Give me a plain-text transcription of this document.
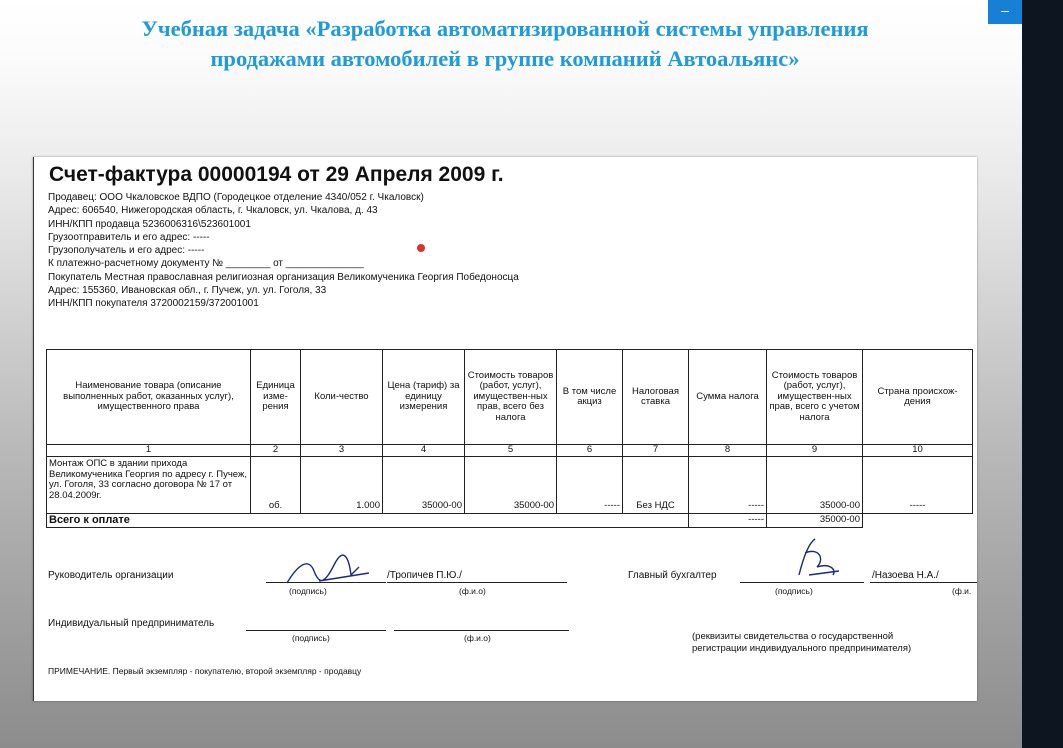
Учебная задача «Разработка автоматизированной системы управления
продажами автомобилей в группе компаний Автоальянс»
–
Счет-фактура 00000194 от 29 Апреля 2009 г.
Продавец: ООО Чкаловское ВДПО (Городецкое отделение 4340/052 г. Чкаловск)
Адрес: 606540, Нижегородская область, г. Чкаловск, ул. Чкалова, д. 43
ИНН/КПП продавца 5236006316\523601001
Грузоотправитель и его адрес: -----
Грузополучатель и его адрес: -----
К платежно-расчетному документу № ________ от ______________
Покупатель Местная православная религиозная организация Великомученика Георгия Победоносца
Адрес: 155360, Ивановская обл., г. Пучеж, ул. ул. Гоголя, 33
ИНН/КПП покупателя 3720002159/372001001
Наименование товара (описание выполненных работ, оказанных услуг), имущественного права	Единица изме-рения	Коли-чество	Цена (тариф) за единицу измерения	Стоимость товаров (работ, услуг), имуществен-ных прав, всего без налога	В том числе акциз	Налоговая ставка	Сумма налога	Стоимость товаров (работ, услуг), имуществен-ных прав, всего с учетом налога	Страна происхож-дения
1	2	3	4	5	6	7	8	9	10
Монтаж ОПС в здании прихода Великомученика Георгия по адресу г. Пучеж, ул. Гоголя, 33 согласно договора № 17 от 28.04.2009г.	об.	1.000	35000-00	35000-00	-----	Без НДС	-----	35000-00	-----
Всего к оплате							-----	35000-00	
Руководитель организации	/Тропичев П.Ю./
(подпись)	(ф.и.о)
Главный бухгалтер	/Назоева Н.А./
(подпись)	(ф.и.
Индивидуальный предприниматель
(подпись)	(ф.и.о)	(реквизиты свидетельства о государственной
регистрации индивидуального предпринимателя)
ПРИМЕЧАНИЕ. Первый экземпляр - покупателю, второй экземпляр - продавцу
